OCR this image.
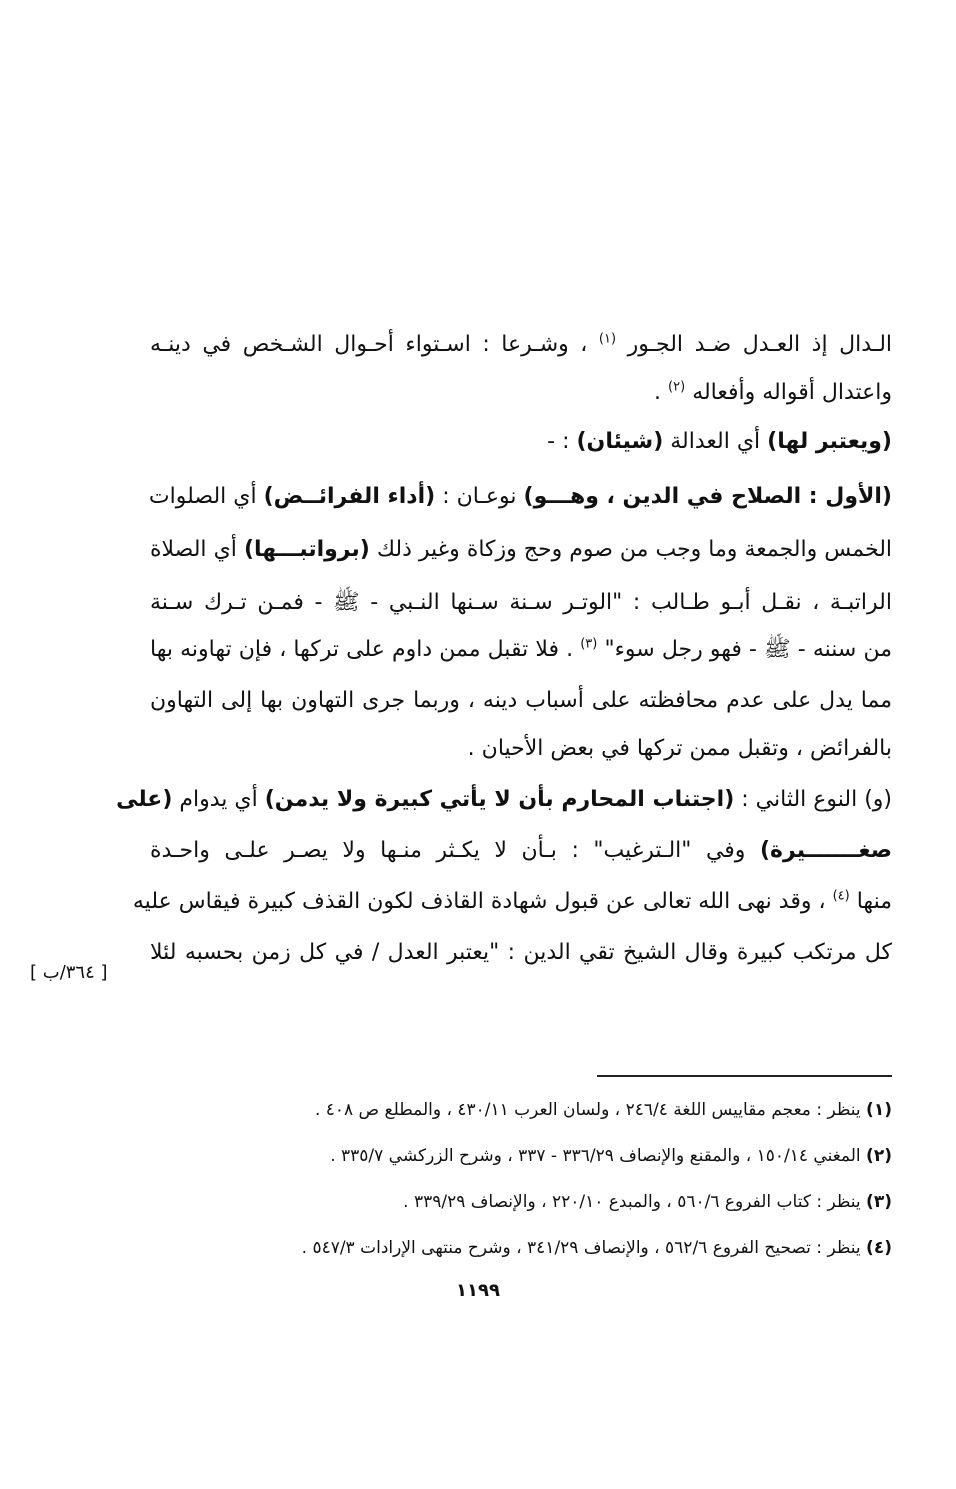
الـدال إذ العـدل ضـد الجـور $^{(١)}$ ، وشـرعا : اسـتواء أحـوال الشـخص في دينـه
واعتدال أقواله وأفعاله $^{(٢)}$ .
(ويعتبر لها) أي العدالة (شيئان) : -
(الأول : الصلاح في الدين ، وهـــو) نوعـان : (أداء الفرائــض) أي الصلوات
الخمس والجمعة وما وجب من صوم وحج وزكاة وغير ذلك (برواتبـــها) أي الصلاة
الراتبـة ، نقـل أبـو طـالب : "الوتـر سـنة سـنها النـبي - ﷺ - فمـن تـرك سـنة
من سننه - ﷺ - فهو رجل سوء" $^{(٣)}$ . فلا تقبل ممن داوم على تركها ، فإن تهاونه بها
مما يدل على عدم محافظته على أسباب دينه ، وربما جرى التهاون بها إلى التهاون
بالفرائض ، وتقبل ممن تركها في بعض الأحيان .
(و) النوع الثاني : (اجتناب المحارم بأن لا يأتي كبيرة ولا يدمن) أي يدوام (على
صغـــــــيرة) وفي "الـترغيب" : بـأن لا يكـثر منـها ولا يصـر علـى واحـدة
منها $^{(٤)}$ ، وقد نهى الله تعالى عن قبول شهادة القاذف لكون القذف كبيرة فيقاس عليه
كل مرتكب كبيرة وقال الشيخ تقي الدين : "يعتبر العدل / في كل زمن بحسبه لئلا
[ ٣٦٤/ب ]
(١) ينظر : معجم مقاييس اللغة ٢٤٦/٤ ، ولسان العرب ٤٣٠/١١ ، والمطلع ص ٤٠٨ .
(٢) المغني ١٥٠/١٤ ، والمقنع والإنصاف ٣٣٦/٢٩ - ٣٣٧ ، وشرح الزركشي ٣٣٥/٧ .
(٣) ينظر : كتاب الفروع ٥٦٠/٦ ، والمبدع ٢٢٠/١٠ ، والإنصاف ٣٣٩/٢٩ .
(٤) ينظر : تصحيح الفروع ٥٦٢/٦ ، والإنصاف ٣٤١/٢٩ ، وشرح منتهى الإرادات ٥٤٧/٣ .
١١٩٩
